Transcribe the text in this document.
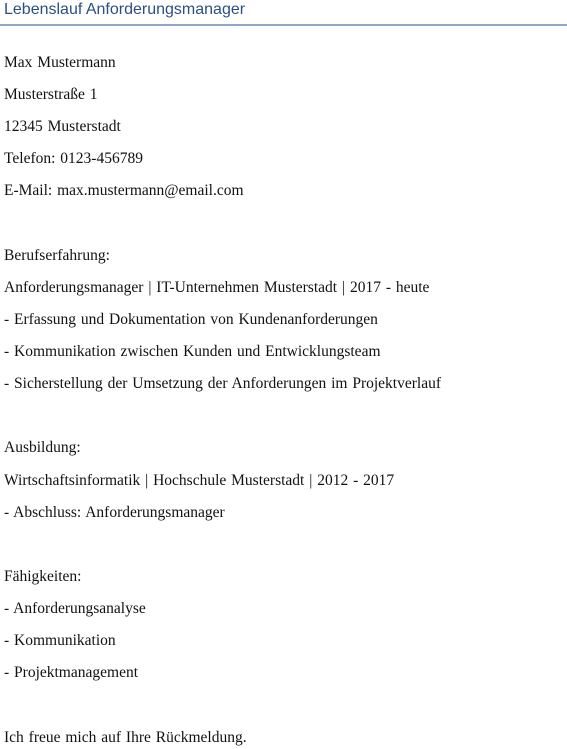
Lebenslauf Anforderungsmanager
Max Mustermann
Musterstraße 1
12345 Musterstadt
Telefon: 0123-456789
E-Mail: max.mustermann@email.com
Berufserfahrung:
Anforderungsmanager | IT-Unternehmen Musterstadt | 2017 - heute
- Erfassung und Dokumentation von Kundenanforderungen
- Kommunikation zwischen Kunden und Entwicklungsteam
- Sicherstellung der Umsetzung der Anforderungen im Projektverlauf
Ausbildung:
Wirtschaftsinformatik | Hochschule Musterstadt | 2012 - 2017
- Abschluss: Anforderungsmanager
Fähigkeiten:
- Anforderungsanalyse
- Kommunikation
- Projektmanagement
Ich freue mich auf Ihre Rückmeldung.
